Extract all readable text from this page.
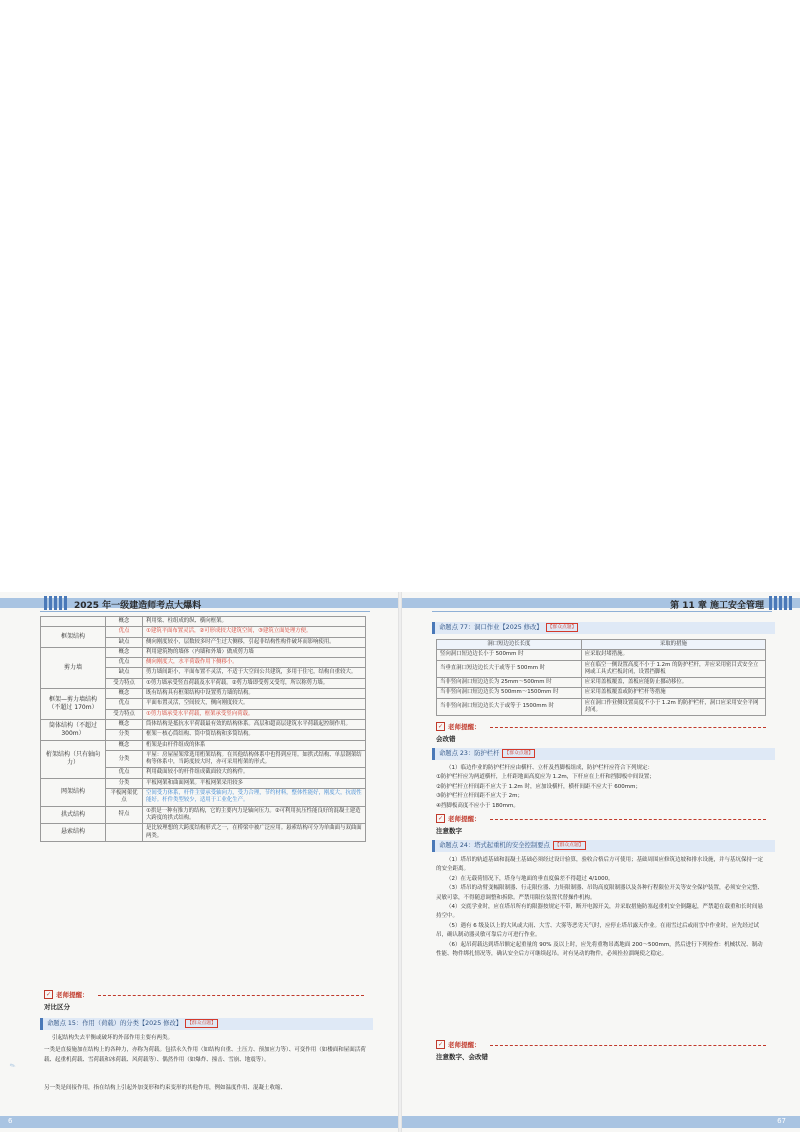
2025 年一级建造师考点大爆料
	概念	利用梁、柱组成的纵、横向框架。
框架结构	优点	①建筑平面布置灵活，②可形成较大建筑空间，③建筑立面处理方便。
	缺点	侧向刚度较小，层数较多时产生过大侧移，引起非结构性构件破坏而影响使用。
剪力墙	概念	利用建筑物的墙体（内墙和外墙）做成剪力墙
	优点	侧向刚度大，水平荷载作用下侧移小。
	缺点	剪力墙间距小，平面布置不灵活，不适于大空间公共建筑，多用于住宅，结构自重较大。
	受力特点	①剪力墙承受竖直荷载及水平荷载。②剪力墙即受剪又受弯，所以称剪力墙。
框架—剪力墙结构（不超过 170m）	概念	既有结构具有框架结构中设置剪力墙的结构。
	优点	平面布置灵活，空间较大，侧向刚度较大。
	受力特点	①剪力墙承受水平荷载，框架承受竖向荷载。
筒体结构（不超过 300m）	概念	筒体结构是抵抗水平荷载最有效的结构体系。高层和超高层建筑水平荷载起控制作用。
	分类	框架－核心筒结构、筒中筒结构和多筒结构。
桁架结构（只有轴向力）	概念	桁架是由杆件组成的体系
	分类	平屋：房屋屋架常选用桁架结构。在其他结构体系中也得到应用。如拱式结构、单层钢架结构等体系中，当跨度较大时，亦可采用桁架的形式。
	优点	利用截面较小的杆件组成截面较大的构件。
网架结构	分类	平板网架和曲面网架。平板网架采用较多
	平板网架优点	空间受力体系，杆件主要承受轴向力，受力合理，节约材料，整体性能好，刚度大，抗震性能好。杆件类型较少，适用于工业化生产。
拱式结构	特点	①拱是一种有推力的结构，它的主要内力是轴向压力。②可利用抗压性能良好的混凝土建造大跨度的拱式结构。
悬索结构		是比较理想的大跨度结构形式之一，在桥梁中被广泛应用。悬索结构可分为单曲面与双曲面两类。
✓ 老师提醒：
对比区分
命题点 15：作用（荷载）的分类【2025 修改】 【群众点题】
引起结构失去平衡或破坏的外部作用主要有两类。
一类是直接施加在结构上的各种力，亦称为荷载。包括永久作用（如结构自重、土压力、预加应力等）、可变作用（如楼面和屋面活荷载、起重机荷载、雪荷载和冰荷载、风荷载等）、偶然作用（如爆炸、撞击、雪崩、地震等）。
另一类是间接作用，指在结构上引起外加变形和约束变形的其他作用，例如温度作用、混凝土收缩、
✎
6
第 11 章 施工安全管理
命题点 77：洞口作业【2025 修改】 【群众点题】
洞口短边边长长度	采取的措施
竖向洞口短边边长小于 500mm 时	应采取封堵措施。
当垂直洞口短边边长大于或等于 500mm 时	应在临空一侧设置高度不小于 1.2m 的防护栏杆，并应采用密目式安全立网或工具式栏板封闭，设置挡脚板
当非竖向洞口短边边长为 25mm～500mm 时	应采用盖板覆盖，盖板应能防止挪动移位。
当非竖向洞口短边边长为 500mm～1500mm 时	应采用盖板覆盖或防护栏杆等措施
当非竖向洞口短边边长大于或等于 1500mm 时	应在洞口作业侧设置高度不小于 1.2m 的防护栏杆，洞口应采用安全平网封闭。
✓ 老师提醒：
会改错
命题点 23：防护栏杆 【群众点题】
（1）临边作业的防护栏杆应由横杆、立杆及挡脚板组成，防护栏杆应符合下列规定：
①防护栏杆应为两道横杆，上杆距地面高度应为 1.2m，下杆应在上杆和挡脚板中间设置；
②防护栏杆立杆间距不应大于 1.2m 时，应加设横杆，横杆间距不应大于 600mm；
③防护栏杆立杆间距不应大于 2m；
④挡脚板高度不应小于 180mm。
✓ 老师提醒：
注意数字
命题点 24：塔式起重机的安全控制要点 【群众点题】
（1）塔吊的轨道基础和混凝土基础必须经过设计验算，验收合格后方可使用；基础周围应修筑边坡和排水设施，并与基坑保持一定的安全距离。
（2）在无载荷情况下，塔身与地面的垂直度偏差不得超过 4/1000。
（3）塔吊的动臂变幅限制器、行走限位器、力矩限制器、吊钩高度限制器以及各种行程限位开关等安全保护装置，必须安全完整、灵敏可靠，不得随意调整和拆除。严禁用限位装置代替操作机构。
（4）交底学业时，应在塔吊所有的限器按规定不带，断开电源开关，并采取措施防塞起重机安全倒翻起，严禁超在载重和长时间悬持空中。
（5）遇有 6 级及以上的大风或大雨、大雪、大雾等恶劣天气时，应停止塔吊露天作业。在雨雪过后或雨雪中作业时，应先经过试吊，确认制动器灵敏可靠后方可进行作业。
（6）起吊荷载达到塔吊额定起重量的 90% 及以上时，应先将重物吊离地面 200～500mm，然后进行下列检查：机械状况、制动性能、物件绑扎情况等，确认安全后方可继续起吊。对有晃动的物件，必须拴拉溜绳使之稳定。
✓ 老师提醒：
注意数字、会改错
67
